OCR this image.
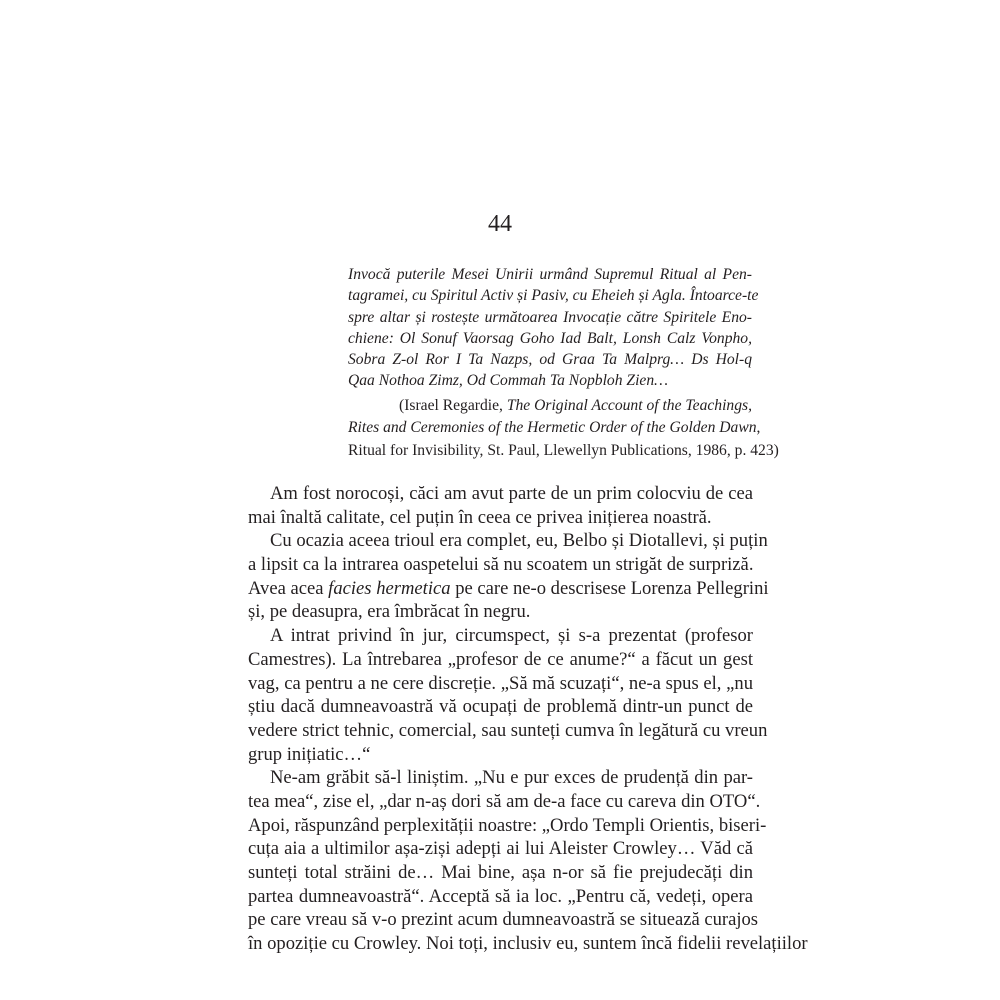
44

Invocă puterile Mesei Unirii urmând Supremul Ritual al Pen-
tagramei, cu Spiritul Activ și Pasiv, cu Eheieh și Agla. Întoarce-te
spre altar și rostește următoarea Invocație către Spiritele Eno-
chiene: Ol Sonuf Vaorsag Goho Iad Balt, Lonsh Calz Vonpho,
Sobra Z-ol Ror I Ta Nazps, od Graa Ta Malprg… Ds Hol-q
Qaa Nothoa Zimz, Od Commah Ta Nopbloh Zien…

(Israel Regardie, The Original Account of the Teachings,
Rites and Ceremonies of the Hermetic Order of the Golden Dawn,
Ritual for Invisibility, St. Paul, Llewellyn Publications, 1986, p. 423)

Am fost norocoși, căci am avut parte de un prim colocviu de cea
mai înaltă calitate, cel puțin în ceea ce privea inițierea noastră.
Cu ocazia aceea trioul era complet, eu, Belbo și Diotallevi, și puțin
a lipsit ca la intrarea oaspetelui să nu scoatem un strigăt de surpriză.
Avea acea facies hermetica pe care ne-o descrisese Lorenza Pellegrini
și, pe deasupra, era îmbrăcat în negru.
A intrat privind în jur, circumspect, și s-a prezentat (profesor
Camestres). La întrebarea „profesor de ce anume?“ a făcut un gest
vag, ca pentru a ne cere discreție. „Să mă scuzați“, ne-a spus el, „nu
știu dacă dumneavoastră vă ocupați de problemă dintr-un punct de
vedere strict tehnic, comercial, sau sunteți cumva în legătură cu vreun
grup inițiatic…“
Ne-am grăbit să-l liniștim. „Nu e pur exces de prudență din par-
tea mea“, zise el, „dar n-aș dori să am de-a face cu careva din OTO“.
Apoi, răspunzând perplexității noastre: „Ordo Templi Orientis, biseri-
cuța aia a ultimilor așa-ziși adepți ai lui Aleister Crowley… Văd că
sunteți total străini de… Mai bine, așa n-or să fie prejudecăți din
partea dumneavoastră“. Acceptă să ia loc. „Pentru că, vedeți, opera
pe care vreau să v-o prezint acum dumneavoastră se situează curajos
în opoziție cu Crowley. Noi toți, inclusiv eu, suntem încă fidelii revelațiilor
